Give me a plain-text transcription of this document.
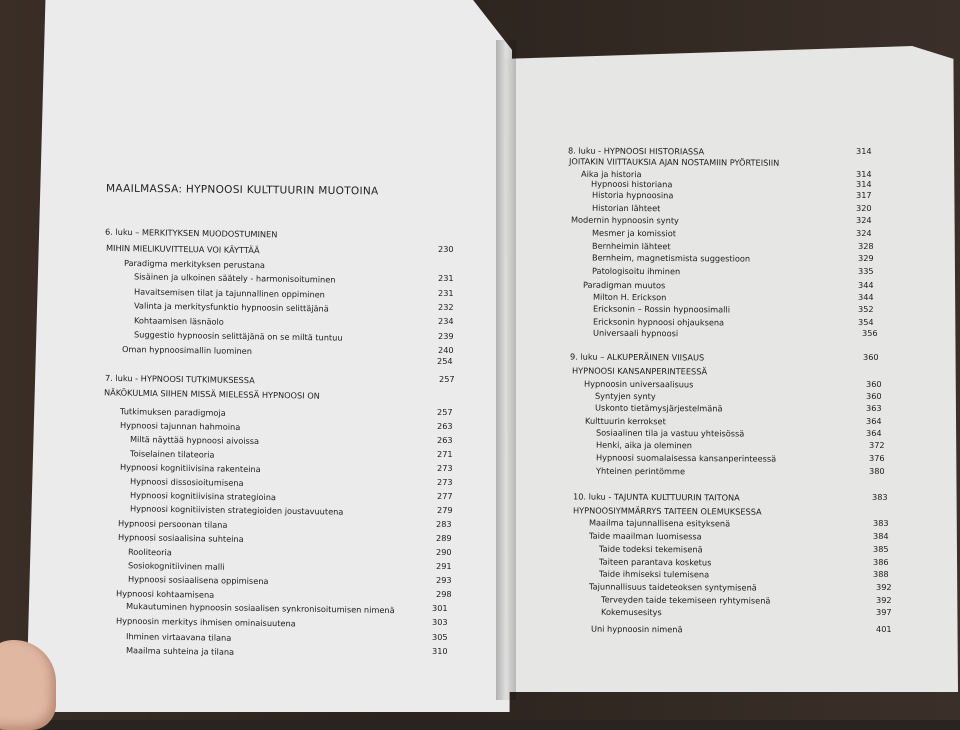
MAAILMASSA: HYPNOOSI KULTTUURIN MUOTOINA
6. luku – MERKITYKSEN MUODOSTUMINEN
MIHIN MIELIKUVITTELUA VOI KÄYTTÄÄ	230
Paradigma merkityksen perustana
Sisäinen ja ulkoinen säätely - harmonisoituminen	231
Havaitsemisen tilat ja tajunnallinen oppiminen	231
Valinta ja merkitysfunktio hypnoosin selittäjänä	232
Kohtaamisen läsnäolo	234
Suggestio hypnoosin selittäjänä on se miltä tuntuu	239
Oman hypnoosimallin luominen	240
254
7. luku - HYPNOOSI TUTKIMUKSESSA	257
NÄKÖKULMIA SIIHEN MISSÄ MIELESSÄ HYPNOOSI ON
Tutkimuksen paradigmoja	257
Hypnoosi tajunnan hahmoina	263
Miltä näyttää hypnoosi aivoissa	263
Toiselainen tilateoria	271
Hypnoosi kognitiivisina rakenteina	273
Hypnoosi dissosioitumisena	273
Hypnoosi kognitiivisina strategioina	277
Hypnoosi kognitiivisten strategioiden joustavuutena	279
Hypnoosi persoonan tilana	283
Hypnoosi sosiaalisina suhteina	289
Rooliteoria	290
Sosiokognitiivinen malli	291
Hypnoosi sosiaalisena oppimisena	293
Hypnoosi kohtaamisena	298
Mukautuminen hypnoosin sosiaalisen synkronisoitumisen nimenä	301
Hypnoosin merkitys ihmisen ominaisuutena	303
Ihminen virtaavana tilana	305
Maailma suhteina ja tilana	310
8. luku - HYPNOOSI HISTORIASSA	314
JOITAKIN VIITTAUKSIA AJAN NOSTAMIIN PYÖRTEISIIN
Aika ja historia	314
Hypnoosi historiana	314
Historia hypnoosina	317
Historian lähteet	320
Modernin hypnoosin synty	324
Mesmer ja komissiot	324
Bernheimin lähteet	328
Bernheim, magnetismista suggestioon	329
Patologisoitu ihminen	335
Paradigman muutos	344
Milton H. Erickson	344
Ericksonin – Rossin hypnoosimalli	352
Ericksonin hypnoosi ohjauksena	354
Universaali hypnoosi	356
9. luku – ALKUPERÄINEN VIISAUS	360
HYPNOOSI KANSANPERINTEESSÄ
Hypnoosin universaalisuus	360
Syntyjen synty	360
Uskonto tietämysjärjestelmänä	363
Kulttuurin kerrokset	364
Sosiaalinen tila ja vastuu yhteisössä	364
Henki, aika ja oleminen	372
Hypnoosi suomalaisessa kansanperinteessä	376
Yhteinen perintömme	380
10. luku - TAJUNTA KULTTUURIN TAITONA	383
HYPNOOSIYMMÄRRYS TAITEEN OLEMUKSESSA
Maailma tajunnallisena esityksenä	383
Taide maailman luomisessa	384
Taide todeksi tekemisenä	385
Taiteen parantava kosketus	386
Taide ihmiseksi tulemisena	388
Tajunnallisuus taideteoksen syntymisenä	392
Terveyden taide tekemiseen ryhtymisenä	392
Kokemusesitys	397
Uni hypnoosin nimenä	401
